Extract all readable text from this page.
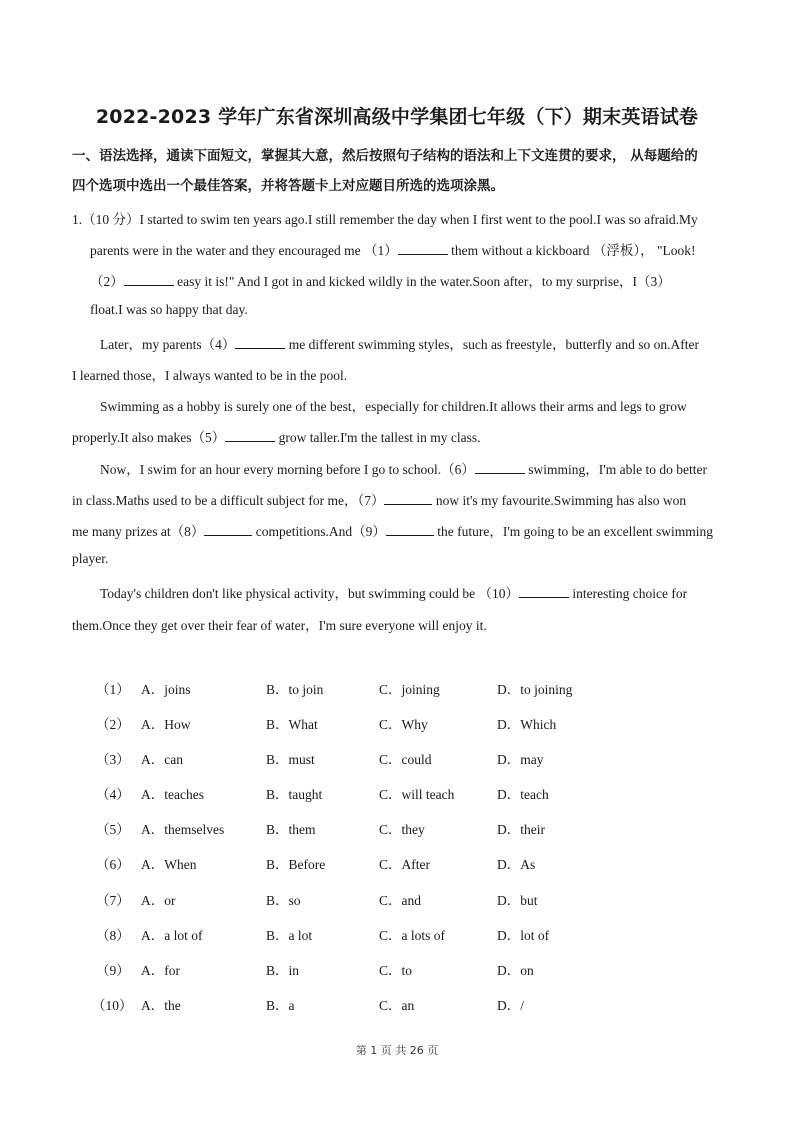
2022-2023 学年广东省深圳高级中学集团七年级（下）期末英语试卷
一、语法选择，通读下面短文，掌握其大意，然后按照句子结构的语法和上下文连贯的要求， 从每题给的
四个选项中选出一个最佳答案，并将答题卡上对应题目所选的选项涂黑。
1.（10 分）I started to swim ten years ago.I still remember the day when I first went to the pool.I was so afraid.My
parents were in the water and they encouraged me （1）	them without a kickboard （浮板）， "Look!
（2）	easy it is!" And I got in and kicked wildly in the water.Soon after，to my surprise，I（3）
float.I was so happy that day.
Later，my parents（4）	me different swimming styles，such as freestyle，butterfly and so on.After
I learned those，I always wanted to be in the pool.
Swimming as a hobby is surely one of the best，especially for children.It allows their arms and legs to grow
properly.It also makes（5）	grow taller.I'm the tallest in my class.
Now，I swim for an hour every morning before I go to school.（6）	swimming，I'm able to do better
in class.Maths used to be a difficult subject for me，（7）	now it's my favourite.Swimming has also won
me many prizes at（8）	competitions.And（9）	the future，I'm going to be an excellent swimming
player.
Today's children don't like physical activity，but swimming could be （10）	interesting choice for
them.Once they get over their fear of water，I'm sure everyone will enjoy it.
（1） A．joins	B．to join	C．joining	D．to joining
（2） A．How	B．What	C．Why	D．Which
（3） A．can	B．must	C．could	D．may
（4） A．teaches	B．taught	C．will teach	D．teach
（5） A．themselves	B．them	C．they	D．their
（6） A．When	B．Before	C．After	D．As
（7） A．or	B．so	C．and	D．but
（8） A．a lot of	B．a lot	C．a lots of	D．lot of
（9） A．for	B．in	C．to	D．on
（10） A．the	B．a	C．an	D．/
第 1 页 共 26 页
